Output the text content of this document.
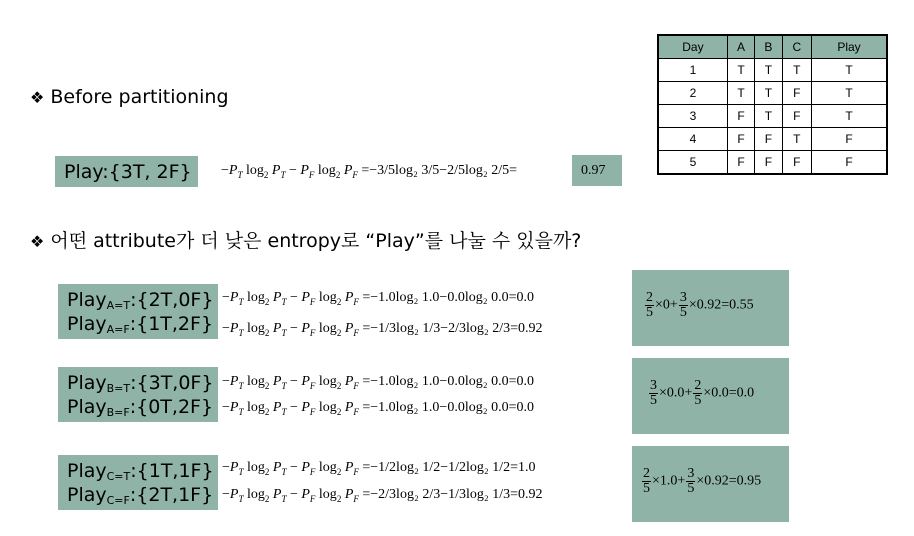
❖ Before partitioning
Play:{3T, $2F\} -P_T$ $\log_2 P_T - P_F$ $\log_2 P_F =-3/5\log_2$ 3/5−2/5log₂ 2/5=	0.97
❖ 어떤 attribute가 더 낮은 entropy로 “Play”를 나눌 수 있을까?
Day	A	B	C	Play
1	T	T	T	T
2	T	T	F	T
3	F	T	F	T
4	F	F	T	F
5	F	F	F	F
Play$_{A=T}$:{2T,0F}
Play$_{A=F}$:{1T,2F}
$-P_T$ $\log_2 P_T - P_F$ $\log_2 P_F =-1.0\log_2$ 1.0−0.0log₂ 0.0=0.0
$-P_T$ $\log_2 P_T - P_F$ $\log_2 P_F =-1/3\log_2$ 1/3−2/3log₂ 2/3=0.92
$\frac{2}{5} \times 0+ \frac{3}{5} \times 0.92=0.55$
Play$_{B=T}$:{3T,0F}
Play$_{B=F}$:{0T,2F}
$-P_T$ $\log_2 P_T - P_F$ $\log_2 P_F =-1.0\log_2$ 1.0−0.0log₂ 0.0=0.0
$-P_T$ $\log_2 P_T - P_F$ $\log_2 P_F =-1.0\log_2$ 1.0−0.0log₂ 0.0=0.0	$\frac{3}{5} \times 0.0+ \frac{2}{5} \times 0.0=0.0$
Play$_{C=T}$:{1T,1F}
Play$_{C=F}$:{2T,1F}
$-P_T$ $\log_2 P_T - P_F$ $\log_2 P_F =-1/2\log_2$ 1/2−1/2log₂ 1/2=1.0
$-P_T$ $\log_2 P_T - P_F$ $\log_2 P_F =-2/3\log_2$ 2/3−1/3log₂ 1/3=0.92	$\frac{2}{5} \times 1.0+ \frac{3}{5} \times 0.92=0.95$
